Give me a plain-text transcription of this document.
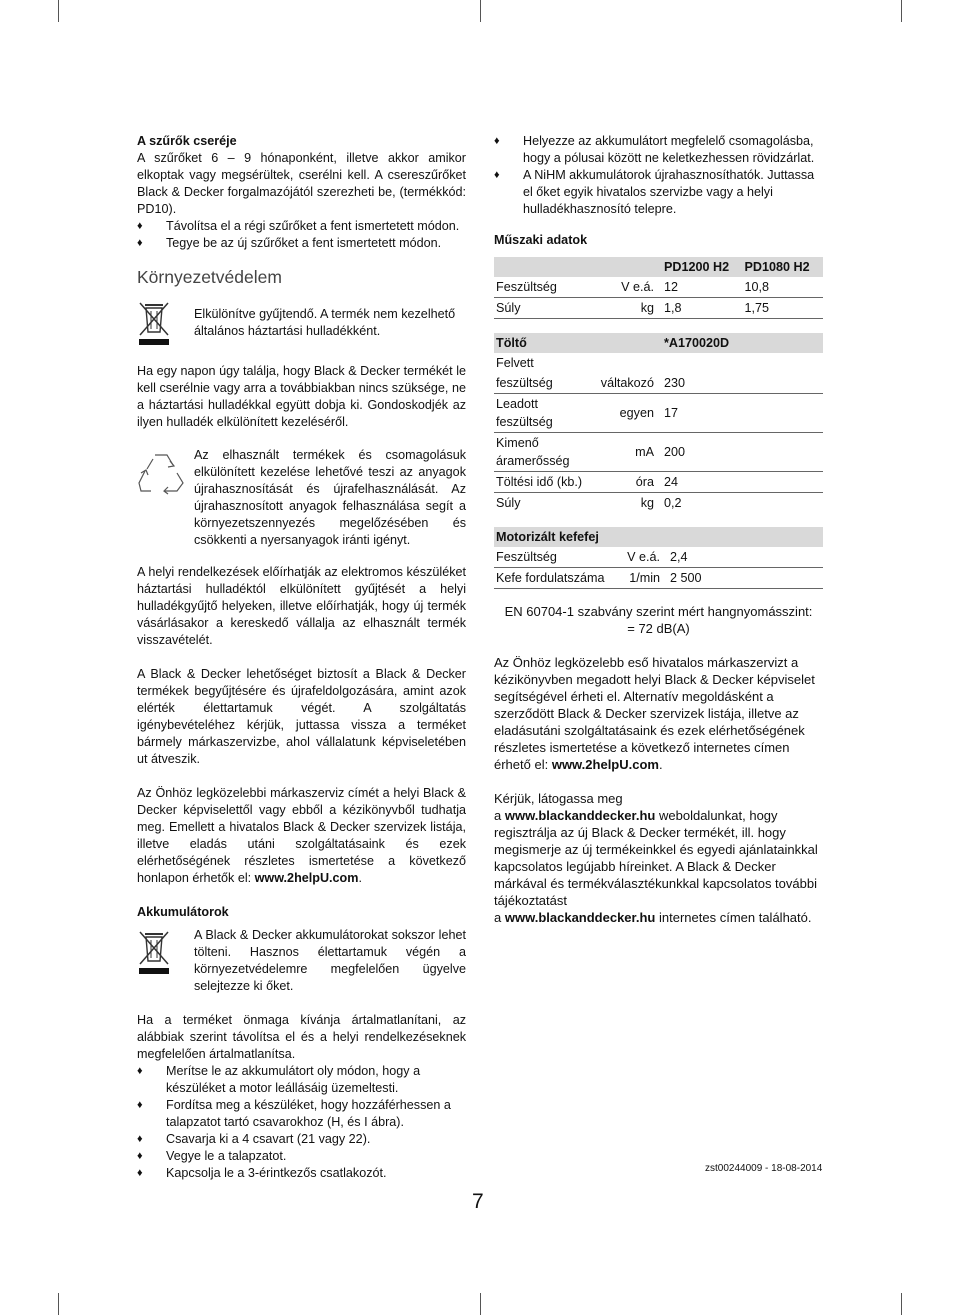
A szűrők cseréje

A szűrőket 6 – 9 hónaponként, illetve akkor amikor elkoptak vagy megsérültek, cserélni kell. A csereszűrőket Black & Decker forgalmazójától szerezheti be, (termékkód: PD10).

♦ Távolítsa el a régi szűrőket a fent ismertetett módon.
♦ Tegye be az új szűrőket a fent ismertetett módon.

Környezetvédelem

Elkülönítve gyűjtendő. A termék nem kezelhető általános háztartási hulladékként.

Ha egy napon úgy találja, hogy Black & Decker termékét le kell cserélnie vagy arra a továbbiakban nincs szüksége, ne a háztartási hulladékkal együtt dobja ki. Gondoskodjék az ilyen hulladék elkülönített kezeléséről.

Az elhasznált termékek és csomagolásuk elkülönített kezelése lehetővé teszi az anyagok újrahasznosítását és újrafelhasználását. Az újrahasznosított anyagok felhasználása segít a környezetszennyezés megelőzésében és csökkenti a nyersanyagok iránti igényt.

A helyi rendelkezések előírhatják az elektromos készüléket háztartási hulladéktól elkülönített gyűjtését a helyi hulladékgyűjtő helyeken, illetve előírhatják, hogy új termék vásárlásakor a kereskedő vállalja az elhasznált termék visszavételét.

A Black & Decker lehetőséget biztosít a Black & Decker termékek begyűjtésére és újrafeldolgozására, amint azok elérték élettartamuk végét. A szolgáltatás igénybevételéhez kérjük, juttassa vissza a terméket bármely márkaszervizbe, ahol vállalatunk képviseletében ut átveszik.

Az Önhöz legközelebbi márkaszerviz címét a helyi Black & Decker képviselettől vagy ebből a kézikönyvből tudhatja meg. Emellett a hivatalos Black & Decker szervizek listája, illetve eladás utáni szolgáltatásaink és ezek elérhetőségének részletes ismertetése a következő honlapon érhetők el: www.2helpU.com.

Akkumulátorok

A Black & Decker akkumulátorokat sokszor lehet tölteni. Hasznos élettartamuk végén a környezetvédelemre megfelelően ügyelve selejtezze ki őket.

Ha a terméket önmaga kívánja ártalmatlanítani, az alábbiak szerint távolítsa el és a helyi rendelkezéseknek megfelelően ártalmatlanítsa.

♦ Merítse le az akkumulátort oly módon, hogy a készüléket a motor leállásáig üzemeltesti.
♦ Fordítsa meg a készüléket, hogy hozzáférhessen a talapzatot tartó csavarokhoz (H, és I ábra).
♦ Csavarja ki a 4 csavart (21 vagy 22).
♦ Vegye le a talapzatot.
♦ Kapcsolja le a 3-érintkezős csatlakozót.
♦ Helyezze az akkumulátort megfelelő csomagolásba, hogy a pólusai között ne keletkezhessen rövidzárlat.
♦ A NiHM akkumulátorok újrahasznosíthatók. Juttassa el őket egyik hivatalos szervizbe vagy a helyi hulladékhasznosító telepre.

Műszaki adatok

		PD1200 H2	PD1080 H2
Feszültség	V e.á.	12	10,8
Súly	kg	1,8	1,75
Töltő		*A170020D
Felvett		
feszültség	váltakozó	230
Leadott feszültség	egyen	17
Kimenő áramerősség	mA	200
Töltési idő (kb.)	óra	24
Súly	kg	0,2
Motorizált kefefej		
Feszültség	V e.á.	2,4
Kefe fordulatszáma	1/min	2 500
EN 60704-1 szabvány szerint mért hangnyomásszint:
= 72 dB(A)

Az Önhöz legközelebb eső hivatalos márkaszervizt a kézikönyvben megadott helyi Black & Decker képviselet segítségével érheti el. Alternatív megoldásként a szerződött Black & Decker szervizek listája, illetve az eladásutáni szolgáltatásaink és ezek elérhetőségének részletes ismertetése a következő internetes címen érhető el: www.2helpU.com.

Kérjük, látogassa meg
a www.blackanddecker.hu weboldalunkat, hogy regisztrálja az új Black & Decker termékét, ill. hogy megismerje az új termékeinkkel és egyedi ajánlatainkkal kapcsolatos legújabb híreinket. A Black & Decker márkával és termékválasztékunkkal kapcsolatos további tájékoztatást
a www.blackanddecker.hu internetes címen található.
zst00244009 - 18-08-2014
7
